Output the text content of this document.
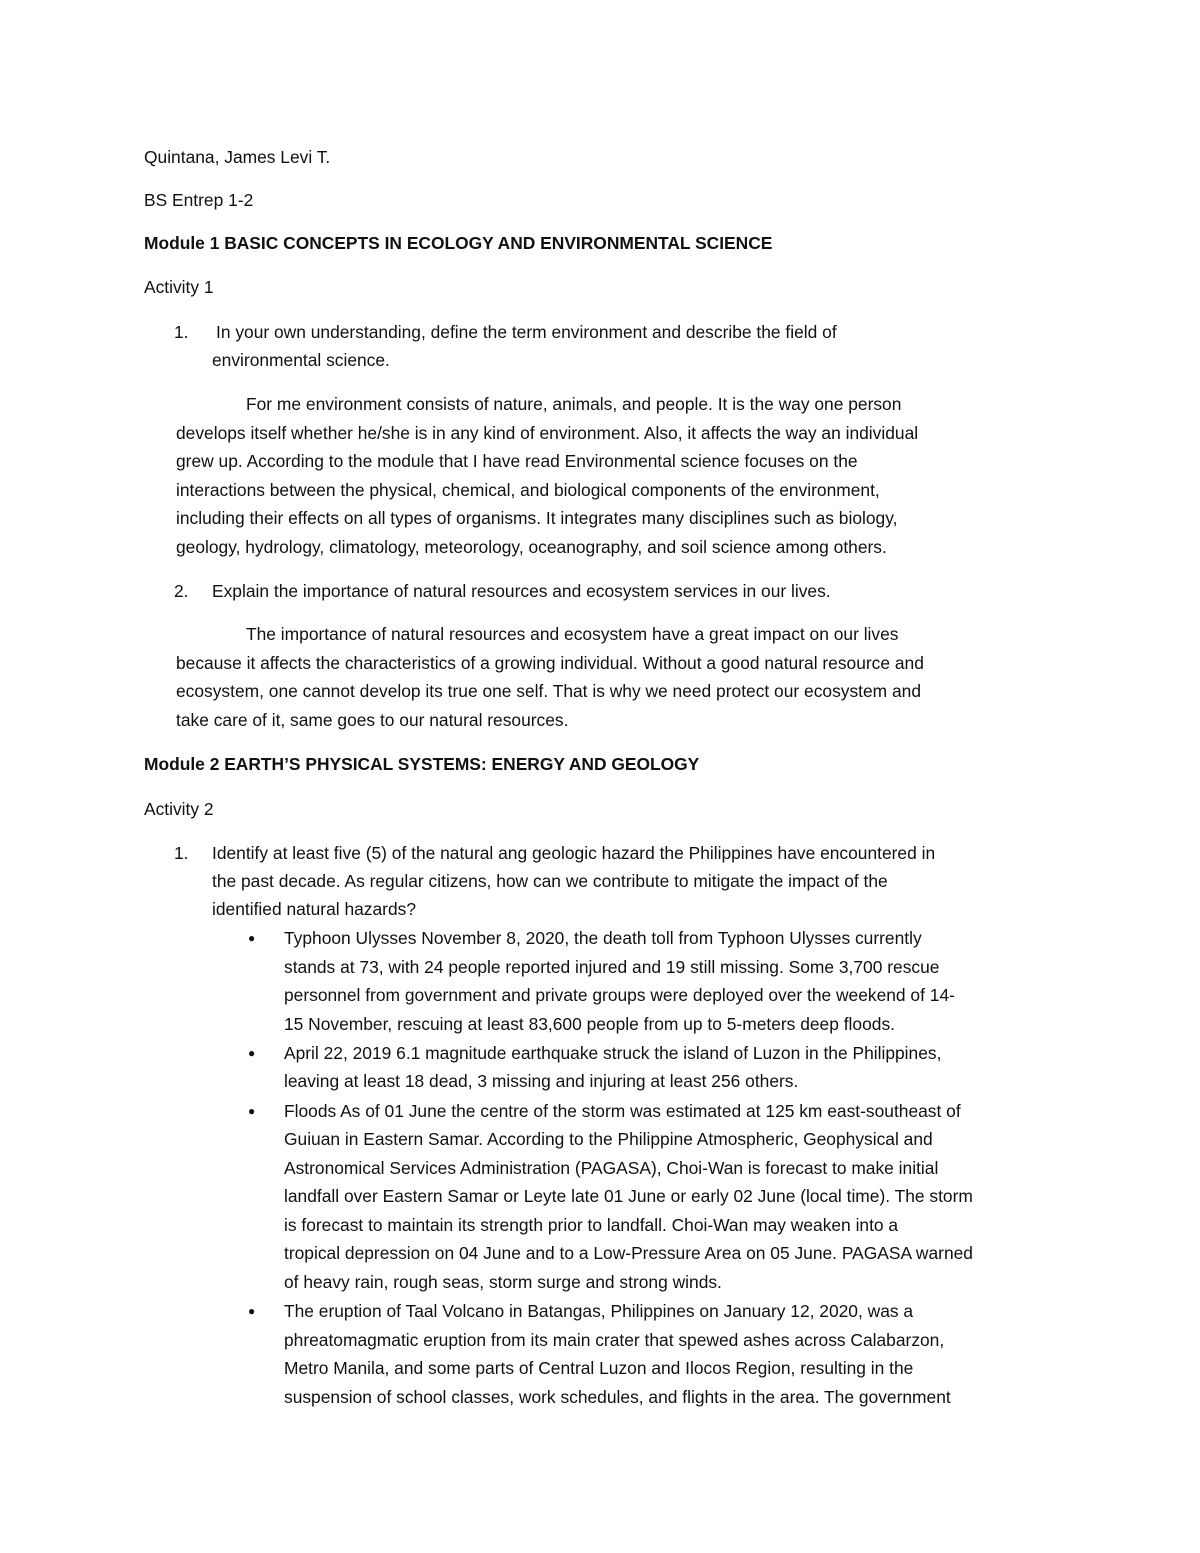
Quintana, James Levi T.

BS Entrep 1-2

Module 1 BASIC CONCEPTS IN ECOLOGY AND ENVIRONMENTAL SCIENCE

Activity 1

1. In your own understanding, define the term environment and describe the field of

environmental science.

For me environment consists of nature, animals, and people. It is the way one person

develops itself whether he/she is in any kind of environment. Also, it affects the way an individual

grew up. According to the module that I have read Environmental science focuses on the

interactions between the physical, chemical, and biological components of the environment,

including their effects on all types of organisms. It integrates many disciplines such as biology,

geology, hydrology, climatology, meteorology, oceanography, and soil science among others.

2. Explain the importance of natural resources and ecosystem services in our lives.

The importance of natural resources and ecosystem have a great impact on our lives

because it affects the characteristics of a growing individual. Without a good natural resource and

ecosystem, one cannot develop its true one self. That is why we need protect our ecosystem and

take care of it, same goes to our natural resources.

Module 2 EARTH’S PHYSICAL SYSTEMS: ENERGY AND GEOLOGY

Activity 2

1. Identify at least five (5) of the natural ang geologic hazard the Philippines have encountered in

the past decade. As regular citizens, how can we contribute to mitigate the impact of the

identified natural hazards?

● Typhoon Ulysses November 8, 2020, the death toll from Typhoon Ulysses currently

stands at 73, with 24 people reported injured and 19 still missing. Some 3,700 rescue

personnel from government and private groups were deployed over the weekend of 14-

15 November, rescuing at least 83,600 people from up to 5-meters deep floods.

● April 22, 2019 6.1 magnitude earthquake struck the island of Luzon in the Philippines,

leaving at least 18 dead, 3 missing and injuring at least 256 others.

● Floods As of 01 June the centre of the storm was estimated at 125 km east-southeast of

Guiuan in Eastern Samar. According to the Philippine Atmospheric, Geophysical and

Astronomical Services Administration (PAGASA), Choi-Wan is forecast to make initial

landfall over Eastern Samar or Leyte late 01 June or early 02 June (local time). The storm

is forecast to maintain its strength prior to landfall. Choi-Wan may weaken into a

tropical depression on 04 June and to a Low-Pressure Area on 05 June. PAGASA warned

of heavy rain, rough seas, storm surge and strong winds.

● The eruption of Taal Volcano in Batangas, Philippines on January 12, 2020, was a

phreatomagmatic eruption from its main crater that spewed ashes across Calabarzon,

Metro Manila, and some parts of Central Luzon and Ilocos Region, resulting in the

suspension of school classes, work schedules, and flights in the area. The government
